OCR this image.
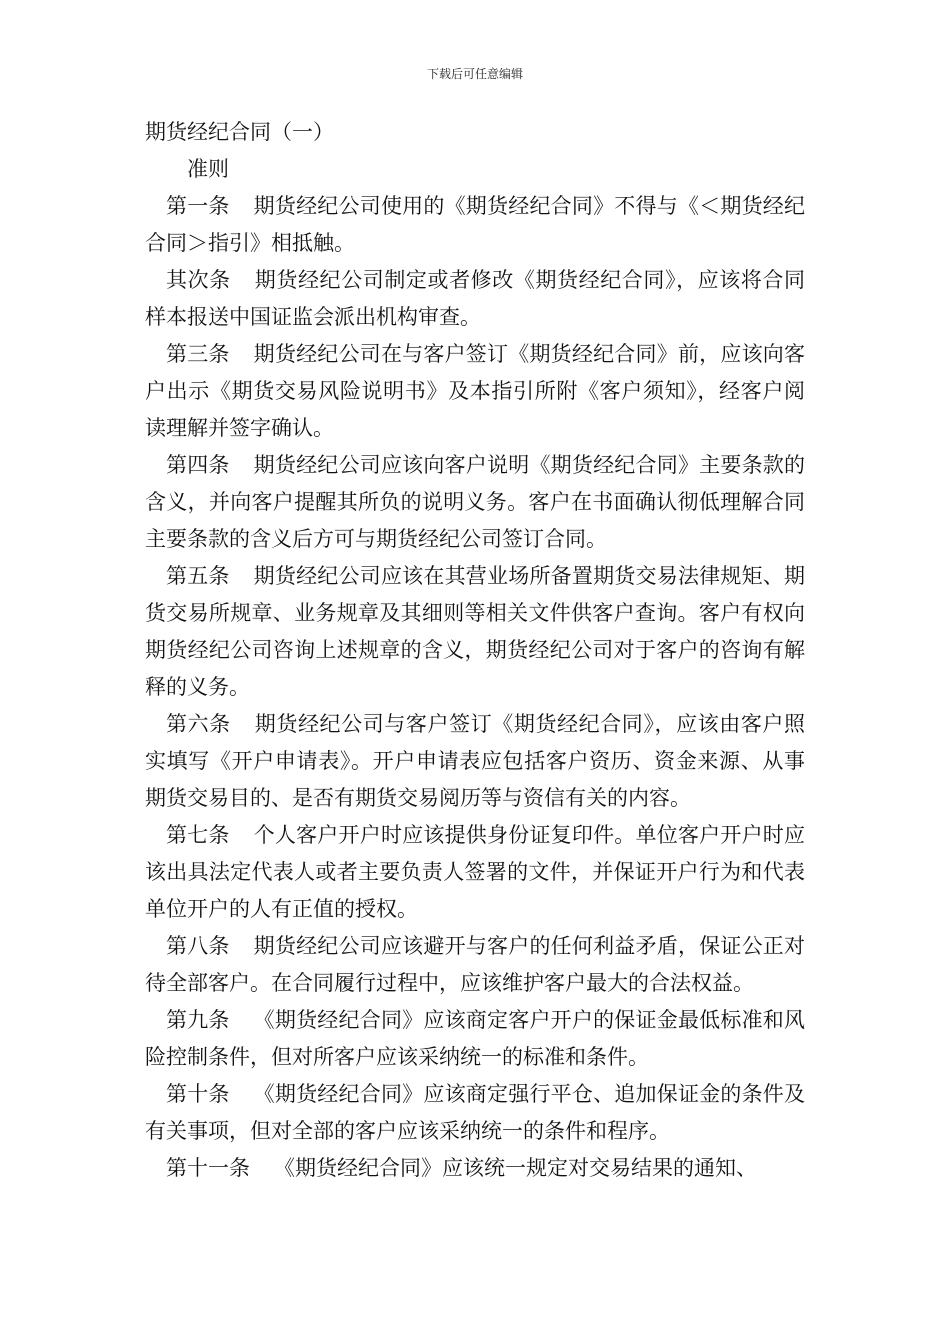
下载后可任意编辑
期货经纪合同（一）

准则

第一条 期货经纪公司使用的《期货经纪合同》不得与《＜期货经纪合同＞指引》相抵触。

其次条 期货经纪公司制定或者修改《期货经纪合同》，应该将合同样本报送中国证监会派出机构审查。

第三条 期货经纪公司在与客户签订《期货经纪合同》前，应该向客户出示《期货交易风险说明书》及本指引所附《客户须知》，经客户阅读理解并签字确认。

第四条 期货经纪公司应该向客户说明《期货经纪合同》主要条款的含义，并向客户提醒其所负的说明义务。客户在书面确认彻低理解合同主要条款的含义后方可与期货经纪公司签订合同。

第五条 期货经纪公司应该在其营业场所备置期货交易法律规矩、期货交易所规章、业务规章及其细则等相关文件供客户查询。客户有权向期货经纪公司咨询上述规章的含义，期货经纪公司对于客户的咨询有解释的义务。

第六条 期货经纪公司与客户签订《期货经纪合同》，应该由客户照实填写《开户申请表》。开户申请表应包括客户资历、资金来源、从事期货交易目的、是否有期货交易阅历等与资信有关的内容。

第七条 个人客户开户时应该提供身份证复印件。单位客户开户时应该出具法定代表人或者主要负责人签署的文件，并保证开户行为和代表单位开户的人有正值的授权。

第八条 期货经纪公司应该避开与客户的任何利益矛盾，保证公正对待全部客户。在合同履行过程中，应该维护客户最大的合法权益。

第九条 《期货经纪合同》应该商定客户开户的保证金最低标准和风险控制条件，但对所客户应该采纳统一的标准和条件。

第十条 《期货经纪合同》应该商定强行平仓、追加保证金的条件及有关事项，但对全部的客户应该采纳统一的条件和程序。

第十一条 《期货经纪合同》应该统一规定对交易结果的通知、
